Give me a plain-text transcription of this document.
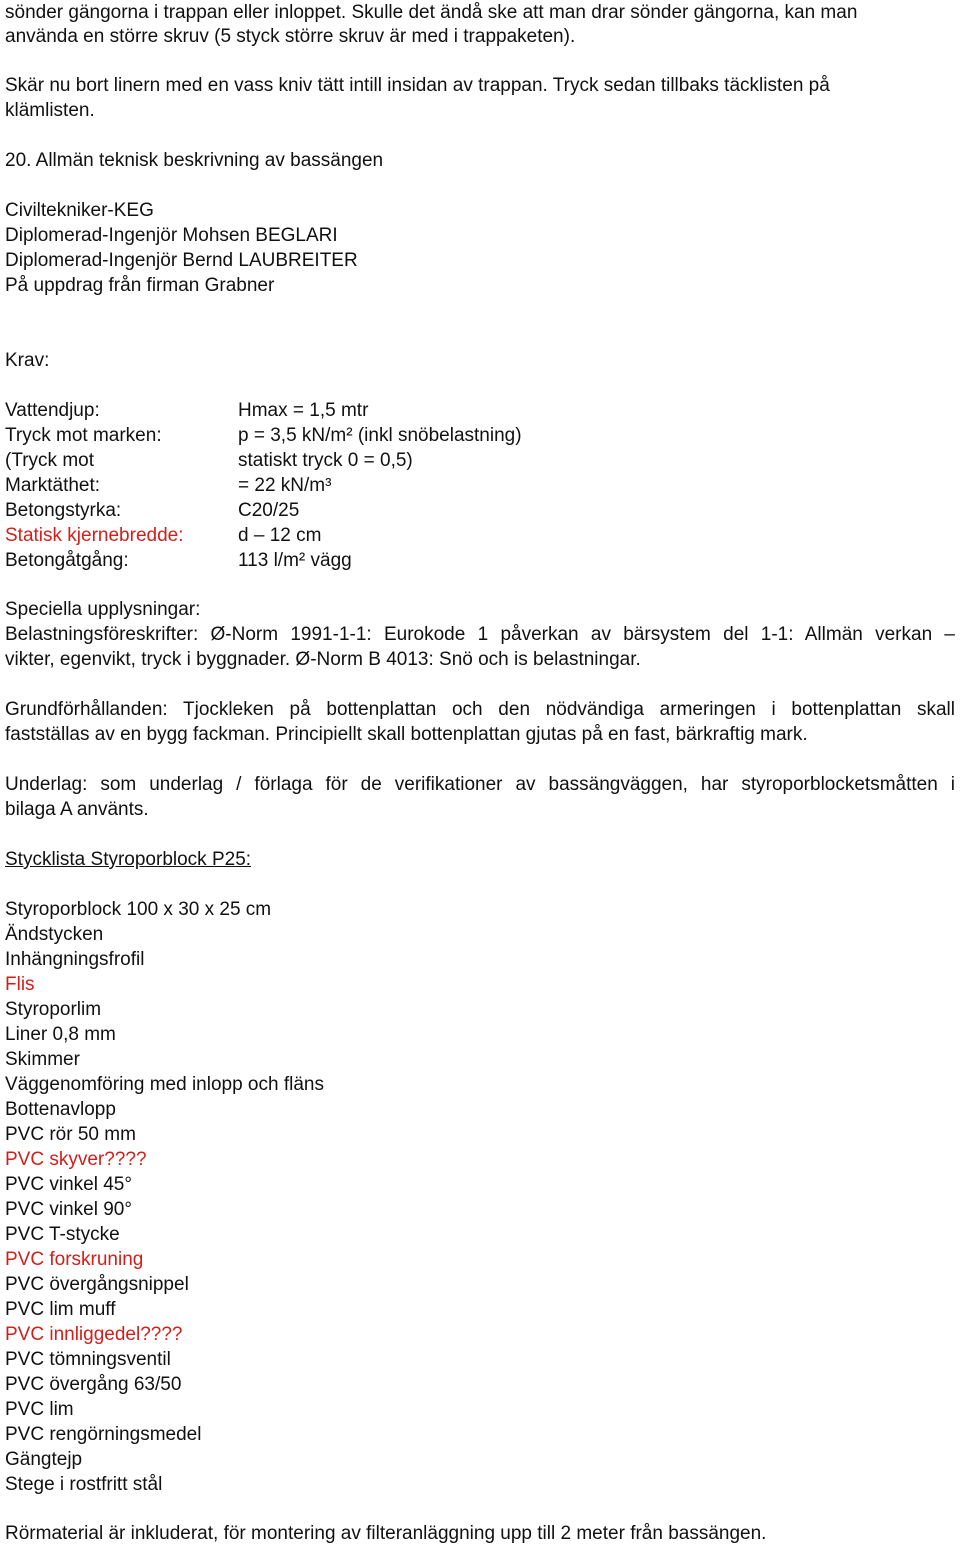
sönder gängorna i trappan eller inloppet. Skulle det ändå ske att man drar sönder gängorna, kan man
använda en större skruv (5 styck större skruv är med i trappaketen).
Skär nu bort linern med en vass kniv tätt intill insidan av trappan. Tryck sedan tillbaks täcklisten på
klämlisten.
20. Allmän teknisk beskrivning av bassängen
Civiltekniker-KEG
Diplomerad-Ingenjör Mohsen BEGLARI
Diplomerad-Ingenjör Bernd LAUBREITER
På uppdrag från firman Grabner
Krav:
Vattendjup:	Hmax = 1,5 mtr
Tryck mot marken:	p = 3,5 kN/m² (inkl snöbelastning)
(Tryck mot	statiskt tryck 0 = 0,5)
Marktäthet:	= 22 kN/m³
Betongstyrka:	C20/25
Statisk kjernebredde:	d – 12 cm
Betongåtgång:	113 l/m² vägg
Speciella upplysningar:
Belastningsföreskrifter: Ø-Norm 1991-1-1: Eurokode 1 påverkan av bärsystem del 1-1: Allmän verkan –
vikter, egenvikt, tryck i byggnader. Ø-Norm B 4013: Snö och is belastningar.
Grundförhållanden: Tjockleken på bottenplattan och den nödvändiga armeringen i bottenplattan skall
fastställas av en bygg fackman. Principiellt skall bottenplattan gjutas på en fast, bärkraftig mark.
Underlag: som underlag / förlaga för de verifikationer av bassängväggen, har styroporblocketsmåtten i
bilaga A använts.
Stycklista Styroporblock P25:
Styroporblock 100 x 30 x 25 cm
Ändstycken
Inhängningsfrofil
Flis
Styroporlim
Liner 0,8 mm
Skimmer
Väggenomföring med inlopp och fläns
Bottenavlopp
PVC rör 50 mm
PVC skyver????
PVC vinkel 45°
PVC vinkel 90°
PVC T-stycke
PVC forskruning
PVC övergångsnippel
PVC lim muff
PVC innliggedel????
PVC tömningsventil
PVC övergång 63/50
PVC lim
PVC rengörningsmedel
Gängtejp
Stege i rostfritt stål
Rörmaterial är inkluderat, för montering av filteranläggning upp till 2 meter från bassängen.
